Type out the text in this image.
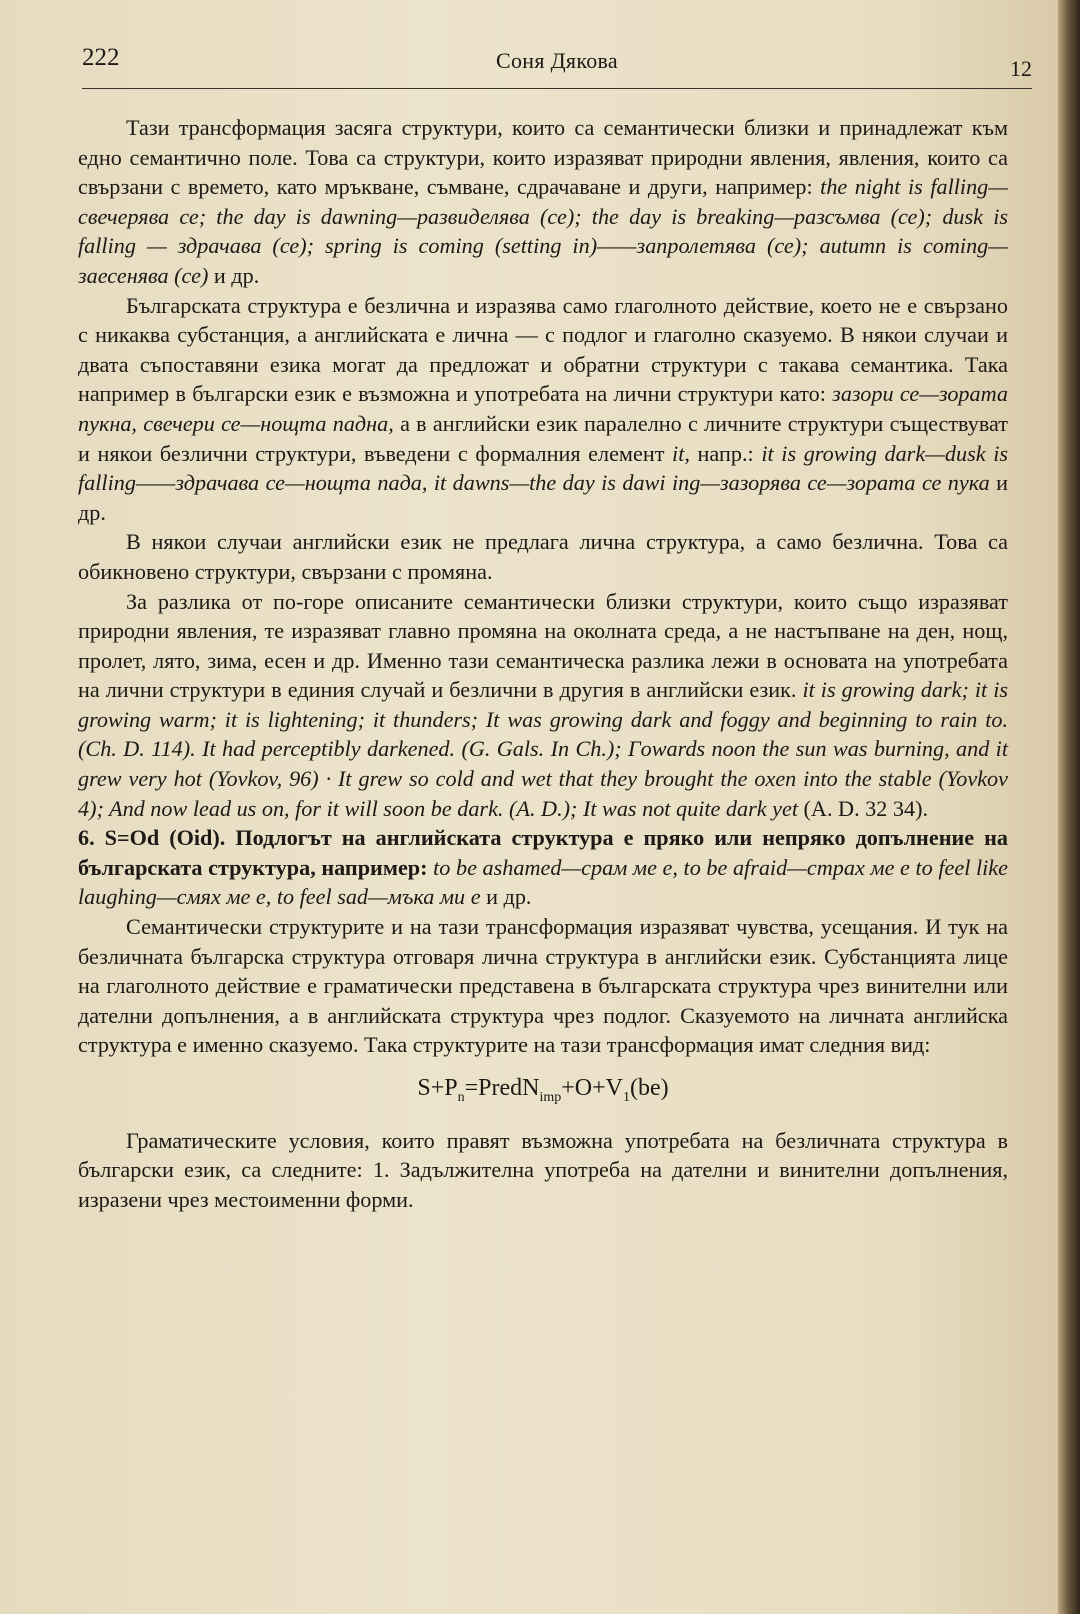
222	Соня Дякова	12

Тази трансформация засяга структури, които са семантически близки и принадлежат към едно семантично поле. Това са структури, които изразяват природни явления, явления, които са свързани с времето, като мръкване, съмване, сдрачаване и други, например: the night is falling—свечерява се; the day is dawning—развиделява (се); the day is breaking—разсъмва (се); dusk is falling — здрачава (се); spring is coming (setting in)——запролетява (се); autumn is coming—заесенява (се) и др.

Българската структура е безлична и изразява само глаголното действие, което не е свързано с никаква субстанция, а английската е лична — с подлог и глаголно сказуемо. В някои случаи и двата съпоставяни езика могат да предложат и обратни структури с такава семантика. Така например в български език е възможна и употребата на лични структури като: зазори се—зората пукна, свечери се—нощта падна, а в английски език паралелно с личните структури съществуват и някои безлични структури, въведени с формалния елемент it, напр.: it is growing dark—dusk is falling——здрачава се—нощта пада, it dawns—the day is dawi ing—зазорява се—зората се пука и др.

В някои случаи английски език не предлага лична структура, а само безлична. Това са обикновено структури, свързани с промяна.

За разлика от по-горе описаните семантически близки структури, които също изразяват природни явления, те изразяват главно промяна на околната среда, а не настъпване на ден, нощ, пролет, лято, зима, есен и др. Именно тази семантическа разлика лежи в основата на употребата на лични структури в единия случай и безлични в другия в английски език. it is growing dark; it is growing warm; it is lightening; it thunders; It was growing dark and foggy and beginning to rain to. (Ch. D. 114). It had perceptibly darkened. (G. Gals. In Ch.); Γowards noon the sun was burning, and it grew very hot (Yovkov, 96) · It grew so cold and wet that they brought the oxen into the stable (Yovkov 4); And now lead us on, for it will soon be dark. (A. D.); It was not quite dark yet (A. D. 32 34).

6. S=Od (Oid). Подлогът на английската структура е пряко или непряко допълнение на българската структура, например: to be ashamed—срам ме е, to be afraid—страх ме е to feel like laughing—смях ме е, to feel sad—мъка ми е и др.

Семантически структурите и на тази трансформация изразяват чувства, усещания. И тук на безличната българска структура отговаря лична структура в английски език. Субстанцията лице на глаголното действие е граматически представена в българската структура чрез винителни или дателни допълнения, а в английската структура чрез подлог. Сказуемото на личната английска структура е именно сказуемо. Така структурите на тази трансформация имат следния вид:

$S+P_n=PredN_{imp}+O+V_1(be)$

Граматическите условия, които правят възможна употребата на безличната структура в български език, са следните: 1. Задължителна употреба на дателни и винителни допълнения, изразени чрез местоименни форми.
